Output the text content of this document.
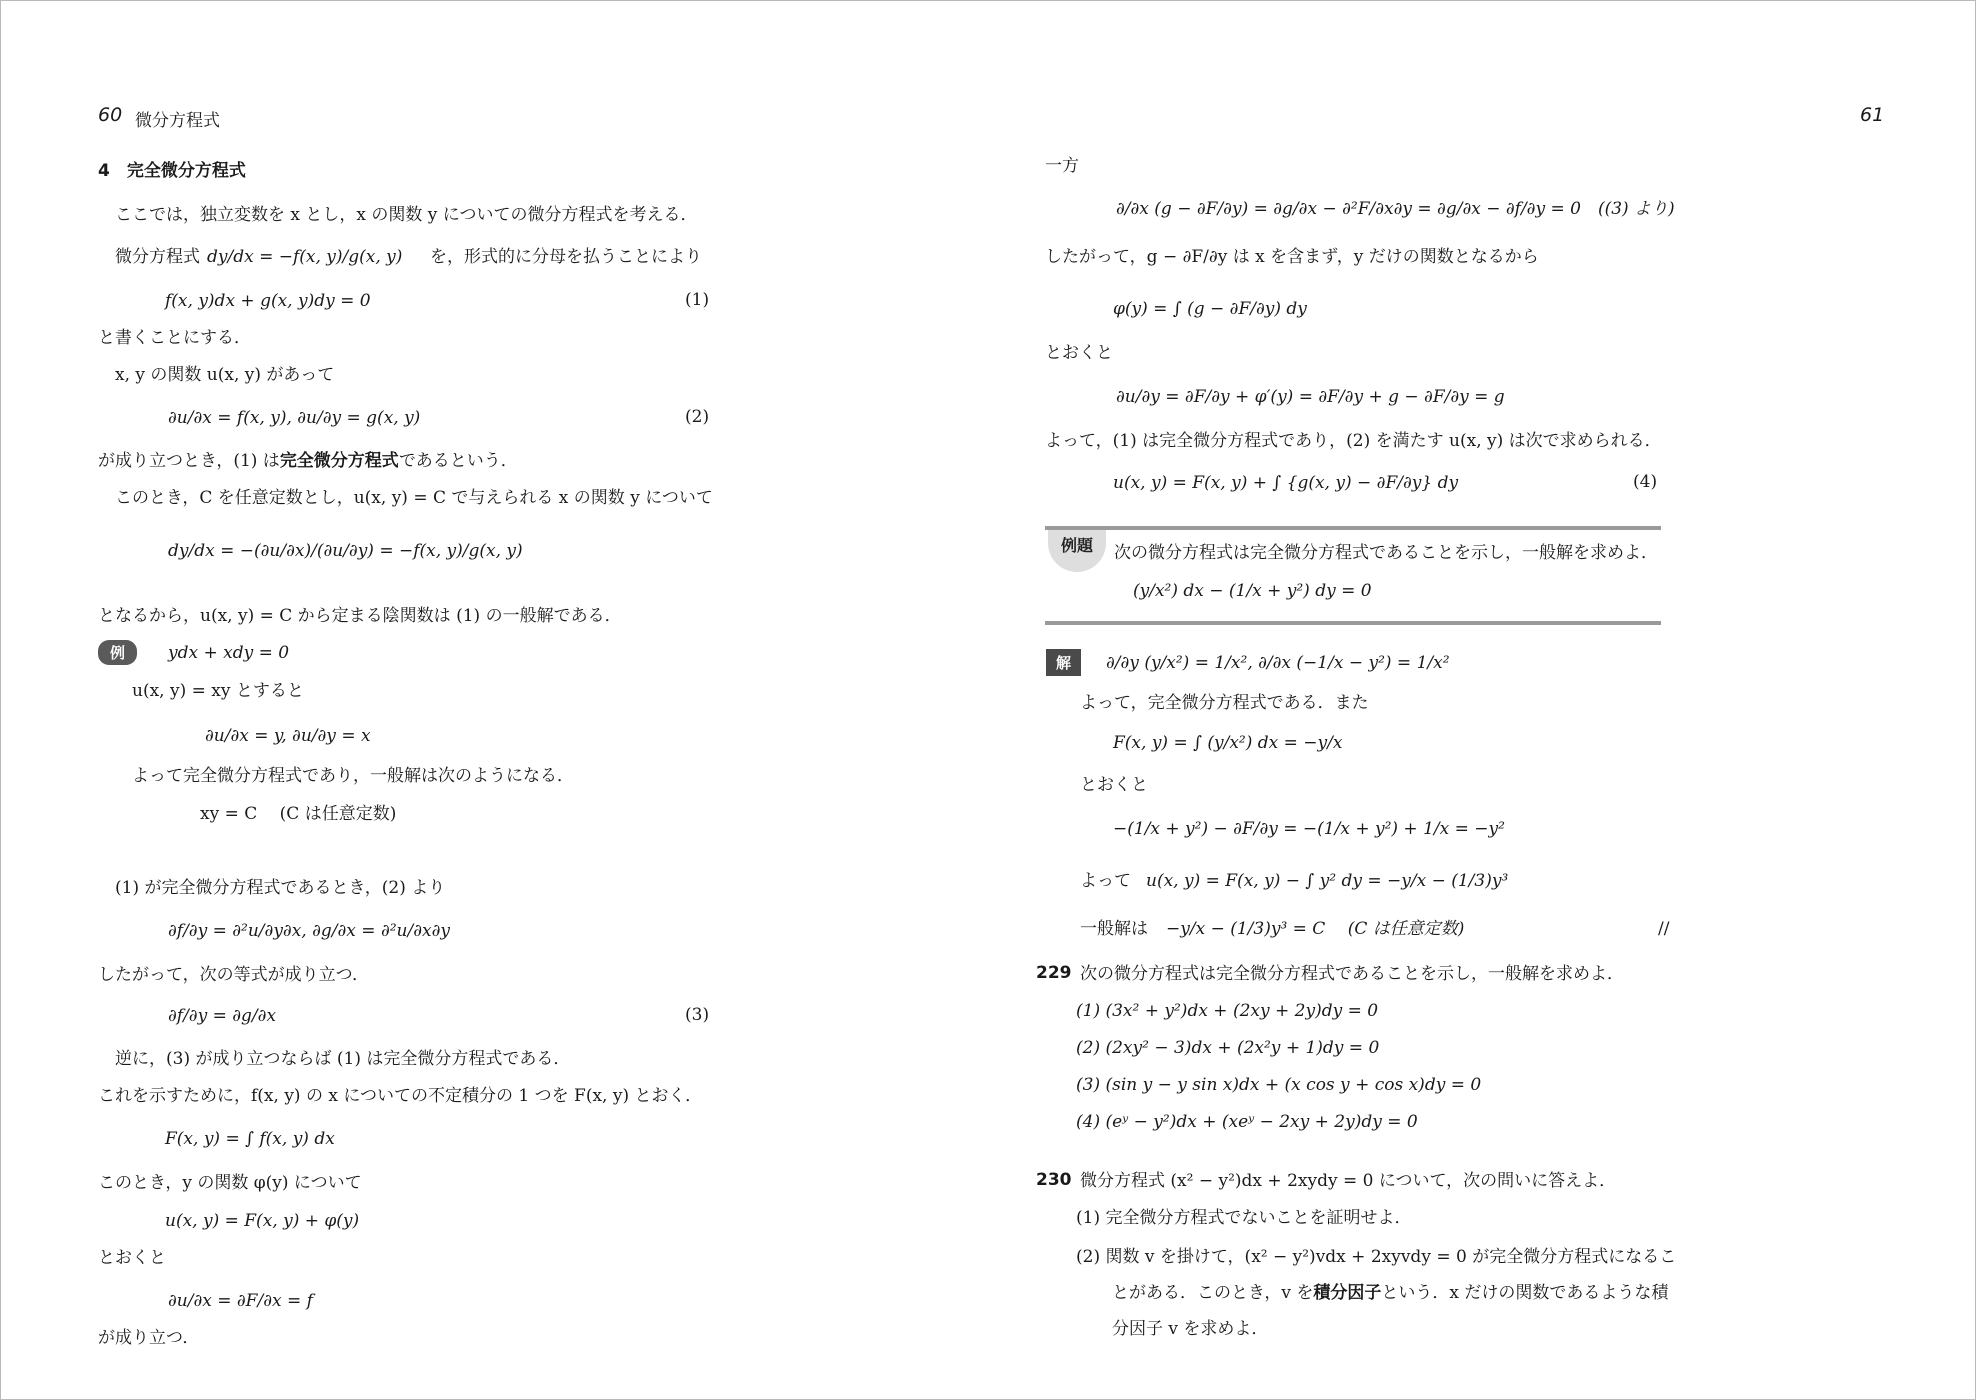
60 微分方程式
4　完全微分方程式
ここでは，独立変数を x とし，x の関数 y についての微分方程式を考える．
微分方程式 dy/dx = −f(x, y)/g(x, y) を，形式的に分母を払うことにより
f(x, y)dx + g(x, y)dy = 0	(1)
と書くことにする．
x, y の関数 u(x, y) があって
∂u/∂x = f(x, y), ∂u/∂y = g(x, y)	(2)
が成り立つとき，(1) は完全微分方程式であるという．
このとき，C を任意定数とし，u(x, y) = C で与えられる x の関数 y について
dy/dx = −(∂u/∂x)/(∂u/∂y) = −f(x, y)/g(x, y)
となるから，u(x, y) = C から定まる陰関数は (1) の一般解である．
例	ydx + xdy = 0
u(x, y) = xy とすると
∂u/∂x = y, ∂u/∂y = x
よって完全微分方程式であり，一般解は次のようになる．
xy = C　 (C は任意定数)
(1) が完全微分方程式であるとき，(2) より
∂f/∂y = ∂²u/∂y∂x, ∂g/∂x = ∂²u/∂x∂y
したがって，次の等式が成り立つ．
∂f/∂y = ∂g/∂x	(3)
逆に，(3) が成り立つならば (1) は完全微分方程式である．
これを示すために，f(x, y) の x についての不定積分の 1 つを F(x, y) とおく．
F(x, y) = ∫ f(x, y) dx
このとき，y の関数 φ(y) について
u(x, y) = F(x, y) + φ(y)
とおくと
∂u/∂x = ∂F/∂x = f
が成り立つ．
61
一方
∂/∂x (g − ∂F/∂y) = ∂g/∂x − ∂²F/∂x∂y = ∂g/∂x − ∂f/∂y = 0　((3) より)
したがって，g − ∂F/∂y は x を含まず，y だけの関数となるから
φ(y) = ∫ (g − ∂F/∂y) dy
とおくと
∂u/∂y = ∂F/∂y + φ′(y) = ∂F/∂y + g − ∂F/∂y = g
よって，(1) は完全微分方程式であり，(2) を満たす u(x, y) は次で求められる．
u(x, y) = F(x, y) + ∫ {g(x, y) − ∂F/∂y} dy	(4)
例題	次の微分方程式は完全微分方程式であることを示し，一般解を求めよ．
(y/x²) dx − (1/x + y²) dy = 0
解	∂/∂y (y/x²) = 1/x², ∂/∂x (−1/x − y²) = 1/x²
よって，完全微分方程式である．また
F(x, y) = ∫ (y/x²) dx = −y/x
とおくと
−(1/x + y²) − ∂F/∂y = −(1/x + y²) + 1/x = −y²
よって u(x, y) = F(x, y) − ∫ y² dy = −y/x − (1/3)y³
一般解は −y/x − (1/3)y³ = C　 (C は任意定数)	//
229 次の微分方程式は完全微分方程式であることを示し，一般解を求めよ．
(1) (3x² + y²)dx + (2xy + 2y)dy = 0
(2) (2xy² − 3)dx + (2x²y + 1)dy = 0
(3) (sin y − y sin x)dx + (x cos y + cos x)dy = 0
(4) (eʸ − y²)dx + (xeʸ − 2xy + 2y)dy = 0
230 微分方程式 (x² − y²)dx + 2xydy = 0 について，次の問いに答えよ．
(1) 完全微分方程式でないことを証明せよ．
(2) 関数 v を掛けて，(x² − y²)vdx + 2xyvdy = 0 が完全微分方程式になるこ
とがある．このとき，v を積分因子という．x だけの関数であるような積
分因子 v を求めよ．
